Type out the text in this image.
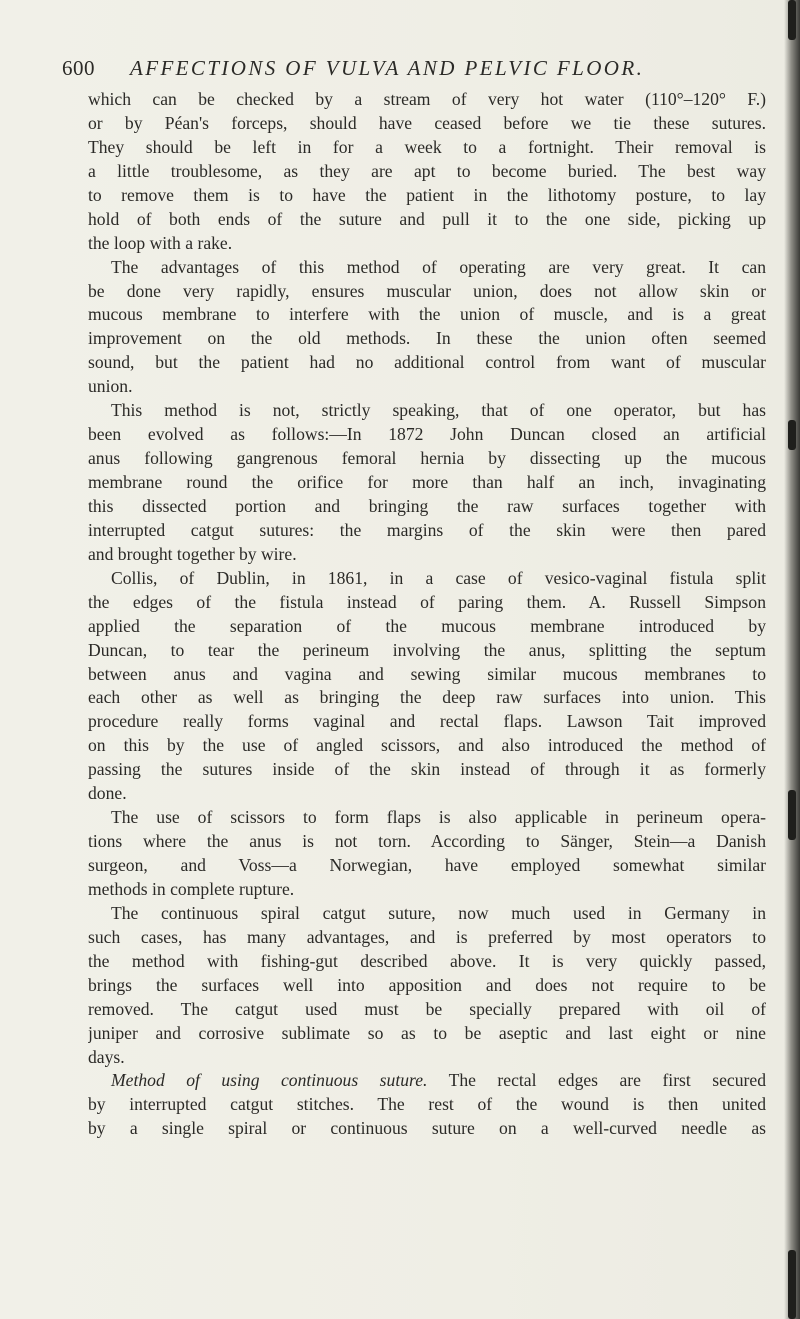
600 AFFECTIONS OF VULVA AND PELVIC FLOOR.
which can be checked by a stream of very hot water (110°–120° F.)
or by Péan's forceps, should have ceased before we tie these sutures.
They should be left in for a week to a fortnight. Their removal is
a little troublesome, as they are apt to become buried. The best way
to remove them is to have the patient in the lithotomy posture, to lay
hold of both ends of the suture and pull it to the one side, picking up
the loop with a rake.
The advantages of this method of operating are very great. It can
be done very rapidly, ensures muscular union, does not allow skin or
mucous membrane to interfere with the union of muscle, and is a great
improvement on the old methods. In these the union often seemed
sound, but the patient had no additional control from want of muscular
union.
This method is not, strictly speaking, that of one operator, but has
been evolved as follows:—In 1872 John Duncan closed an artificial
anus following gangrenous femoral hernia by dissecting up the mucous
membrane round the orifice for more than half an inch, invaginating
this dissected portion and bringing the raw surfaces together with
interrupted catgut sutures: the margins of the skin were then pared
and brought together by wire.
Collis, of Dublin, in 1861, in a case of vesico-vaginal fistula split
the edges of the fistula instead of paring them. A. Russell Simpson
applied the separation of the mucous membrane introduced by
Duncan, to tear the perineum involving the anus, splitting the septum
between anus and vagina and sewing similar mucous membranes to
each other as well as bringing the deep raw surfaces into union. This
procedure really forms vaginal and rectal flaps. Lawson Tait improved
on this by the use of angled scissors, and also introduced the method of
passing the sutures inside of the skin instead of through it as formerly
done.
The use of scissors to form flaps is also applicable in perineum opera-
tions where the anus is not torn. According to Sänger, Stein—a Danish
surgeon, and Voss—a Norwegian, have employed somewhat similar
methods in complete rupture.
The continuous spiral catgut suture, now much used in Germany in
such cases, has many advantages, and is preferred by most operators to
the method with fishing-gut described above. It is very quickly passed,
brings the surfaces well into apposition and does not require to be
removed. The catgut used must be specially prepared with oil of
juniper and corrosive sublimate so as to be aseptic and last eight or nine
days.
Method of using continuous suture. The rectal edges are first secured
by interrupted catgut stitches. The rest of the wound is then united
by a single spiral or continuous suture on a well-curved needle as
